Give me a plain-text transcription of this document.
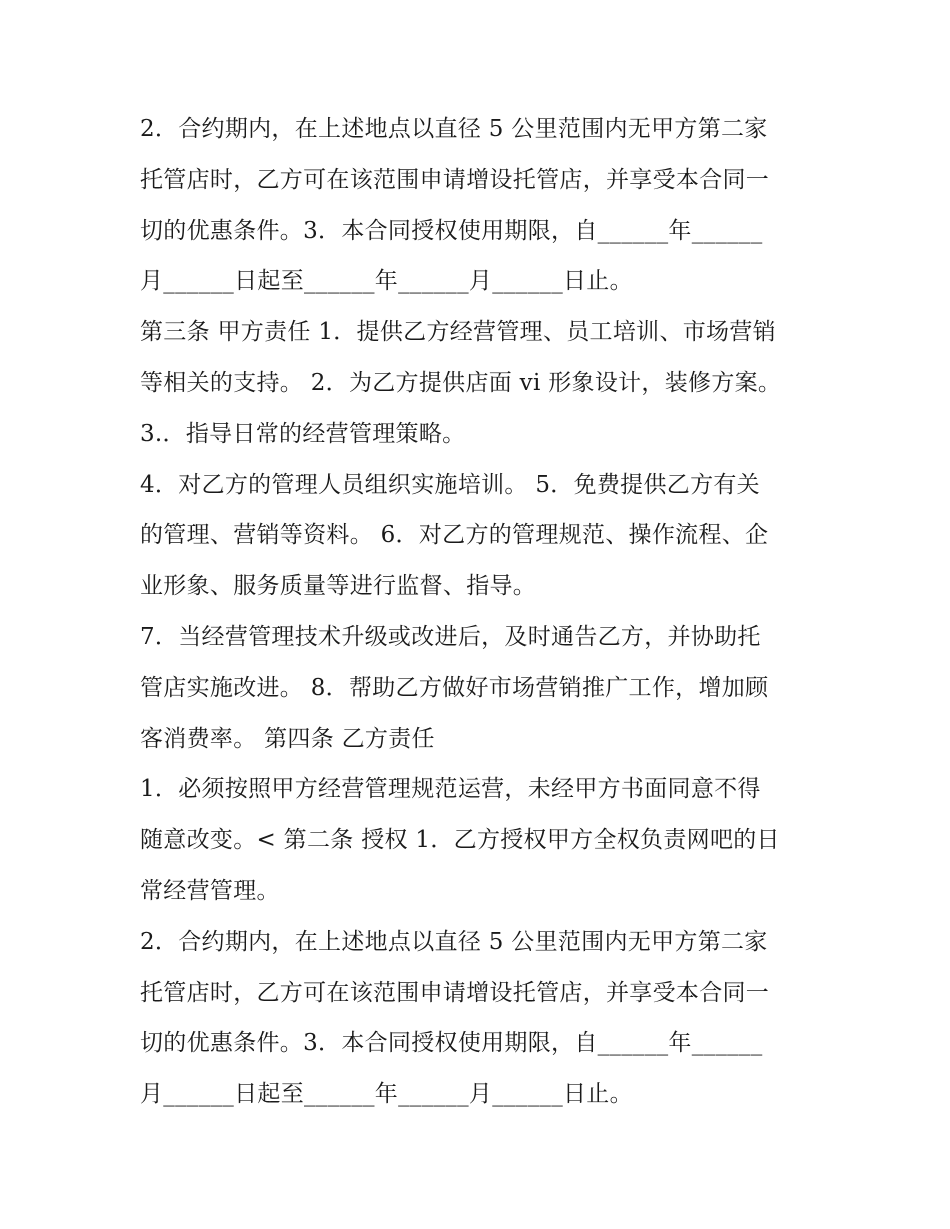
2．合约期内，在上述地点以直径 5 公里范围内无甲方第二家
托管店时，乙方可在该范围申请增设托管店，并享受本合同一
切的优惠条件。3．本合同授权使用期限，自______年______
月______日起至______年______月______日止。
第三条 甲方责任 1．提供乙方经营管理、员工培训、市场营销
等相关的支持。 2．为乙方提供店面 vi 形象设计，装修方案。
3.．指导日常的经营管理策略。
4．对乙方的管理人员组织实施培训。 5．免费提供乙方有关
的管理、营销等资料。 6．对乙方的管理规范、操作流程、企
业形象、服务质量等进行监督、指导。
7．当经营管理技术升级或改进后，及时通告乙方，并协助托
管店实施改进。 8．帮助乙方做好市场营销推广工作，增加顾
客消费率。 第四条 乙方责任
1．必须按照甲方经营管理规范运营，未经甲方书面同意不得
随意改变。< 第二条 授权 1．乙方授权甲方全权负责网吧的日
常经营管理。
2．合约期内，在上述地点以直径 5 公里范围内无甲方第二家
托管店时，乙方可在该范围申请增设托管店，并享受本合同一
切的优惠条件。3．本合同授权使用期限，自______年______
月______日起至______年______月______日止。
